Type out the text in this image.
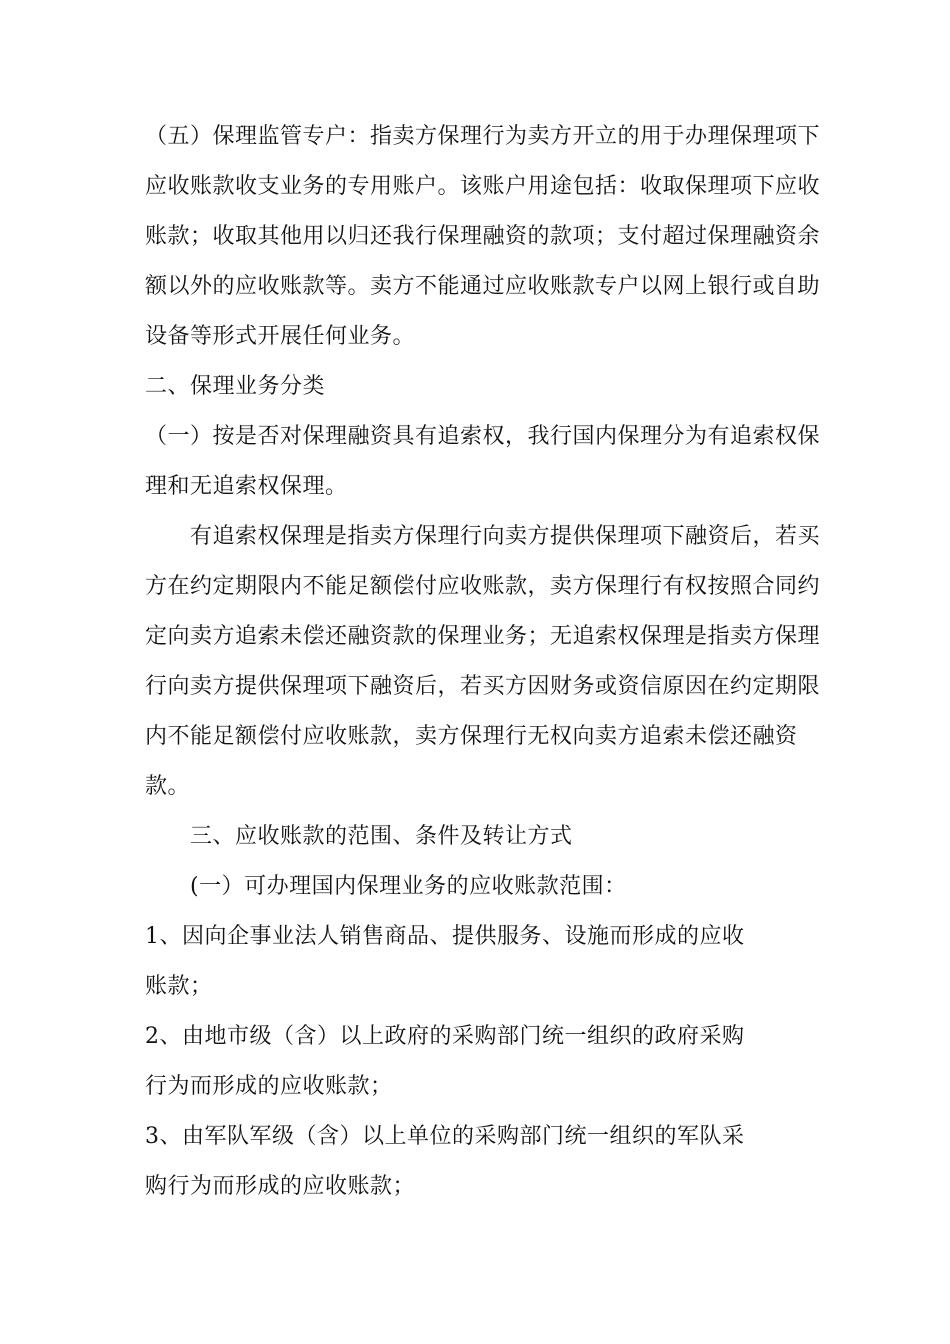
（五）保理监管专户：指卖方保理行为卖方开立的用于办理保理项下
应收账款收支业务的专用账户。该账户用途包括：收取保理项下应收
账款；收取其他用以归还我行保理融资的款项；支付超过保理融资余
额以外的应收账款等。卖方不能通过应收账款专户以网上银行或自助
设备等形式开展任何业务。
二、保理业务分类
（一）按是否对保理融资具有追索权，我行国内保理分为有追索权保
理和无追索权保理。
有追索权保理是指卖方保理行向卖方提供保理项下融资后，若买
方在约定期限内不能足额偿付应收账款，卖方保理行有权按照合同约
定向卖方追索未偿还融资款的保理业务；无追索权保理是指卖方保理
行向卖方提供保理项下融资后，若买方因财务或资信原因在约定期限
内不能足额偿付应收账款，卖方保理行无权向卖方追索未偿还融资
款。
三、应收账款的范围、条件及转让方式
(一）可办理国内保理业务的应收账款范围：
1、因向企事业法人销售商品、提供服务、设施而形成的应收
账款；
2、由地市级（含）以上政府的采购部门统一组织的政府采购
行为而形成的应收账款；
3、由军队军级（含）以上单位的采购部门统一组织的军队采
购行为而形成的应收账款；
